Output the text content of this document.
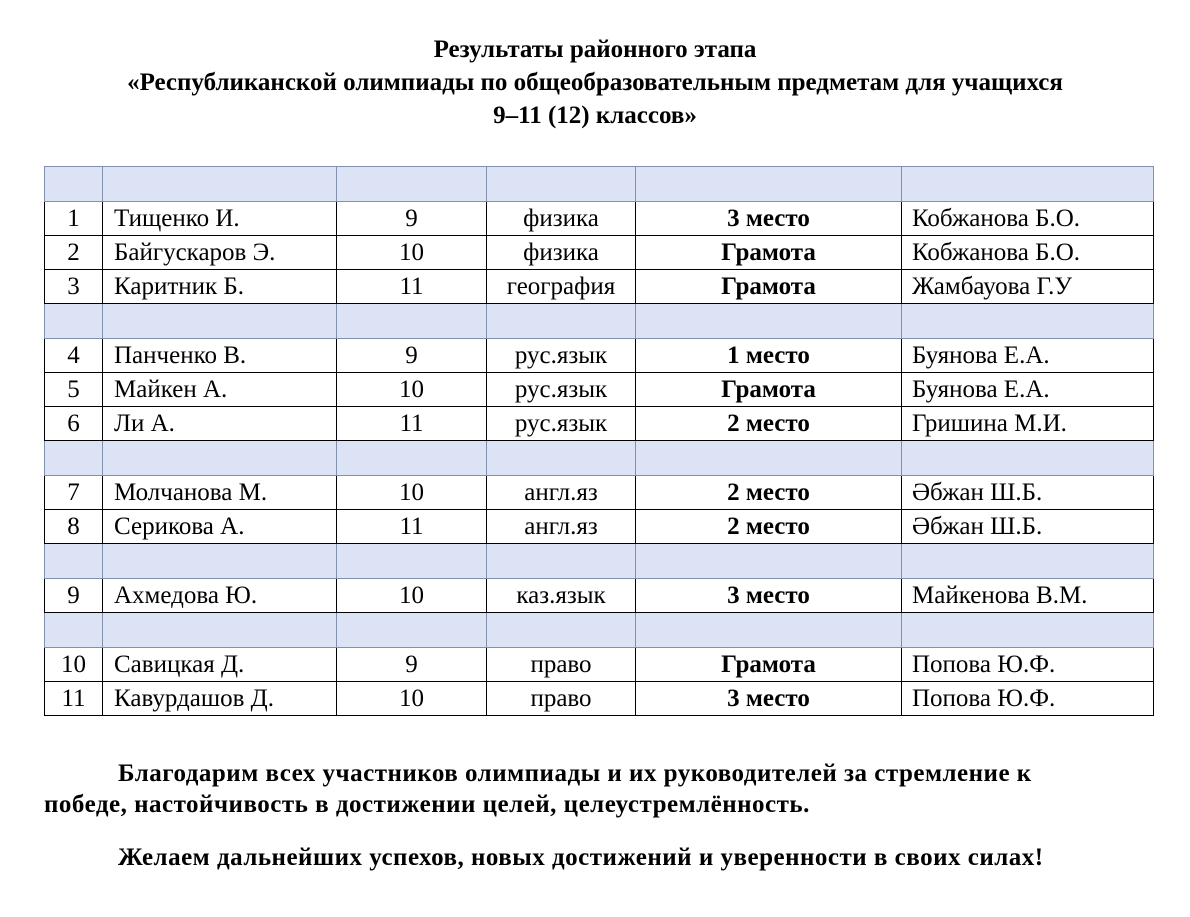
Результаты районного этапа
«Республиканской олимпиады по общеобразовательным предметам для учащихся
9–11 (12) классов»

1	Тищенко И.	9	физика	3 место	Кобжанова Б.О.
2	Байгускаров Э.	10	физика	Грамота	Кобжанова Б.О.
3	Каритник Б.	11	география	Грамота	Жамбауова Г.У

4	Панченко В.	9	рус.язык	1 место	Буянова Е.А.
5	Майкен А.	10	рус.язык	Грамота	Буянова Е.А.
6	Ли А.	11	рус.язык	2 место	Гришина М.И.

7	Молчанова М.	10	англ.яз	2 место	Әбжан Ш.Б.
8	Серикова А.	11	англ.яз	2 место	Әбжан Ш.Б.

9	Ахмедова Ю.	10	каз.язык	3 место	Майкенова В.М.

10	Савицкая Д.	9	право	Грамота	Попова Ю.Ф.
11	Кавурдашов Д.	10	право	3 место	Попова Ю.Ф.
Благодарим всех участников олимпиады и их руководителей за стремление к
победе, настойчивость в достижении целей, целеустремлённость.
Желаем дальнейших успехов, новых достижений и уверенности в своих силах!
